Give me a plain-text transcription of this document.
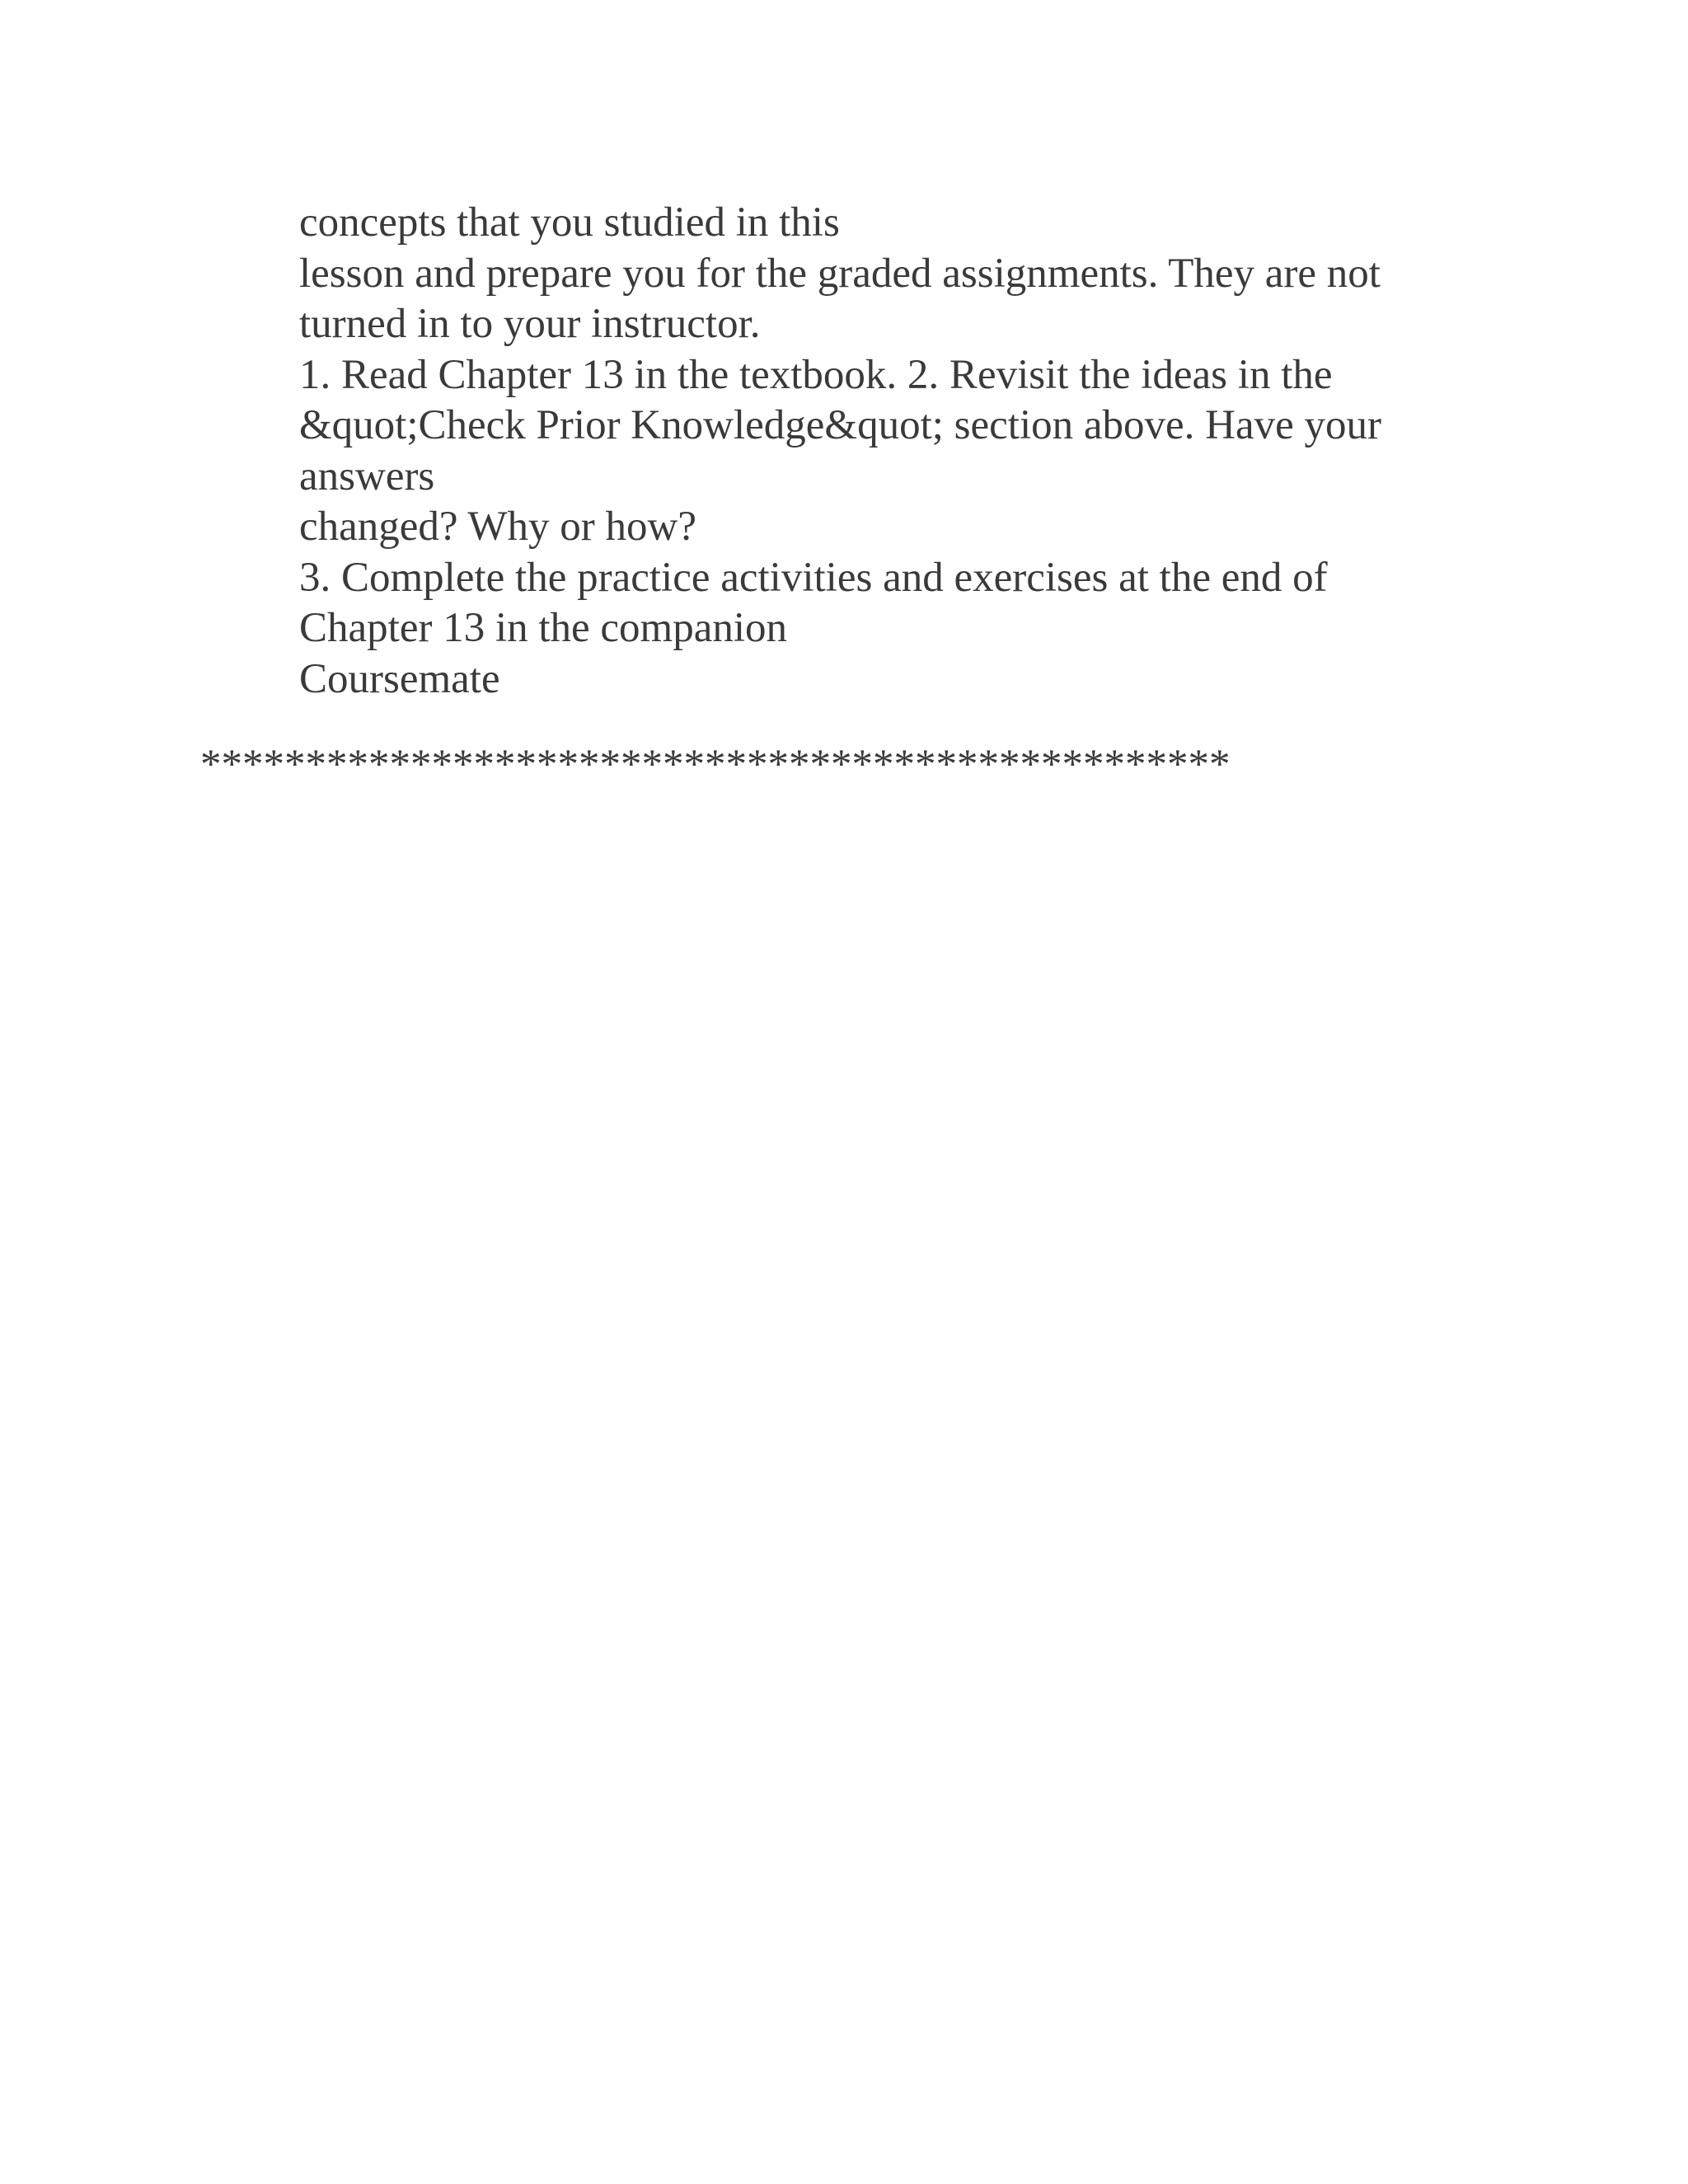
concepts that you studied in this
lesson and prepare you for the graded assignments. They are not
turned in to your instructor.
1. Read Chapter 13 in the textbook. 2. Revisit the ideas in the
&quot;Check Prior Knowledge&quot; section above. Have your
answers
changed? Why or how?
3. Complete the practice activities and exercises at the end of
Chapter 13 in the companion
Coursemate
*************************************************
